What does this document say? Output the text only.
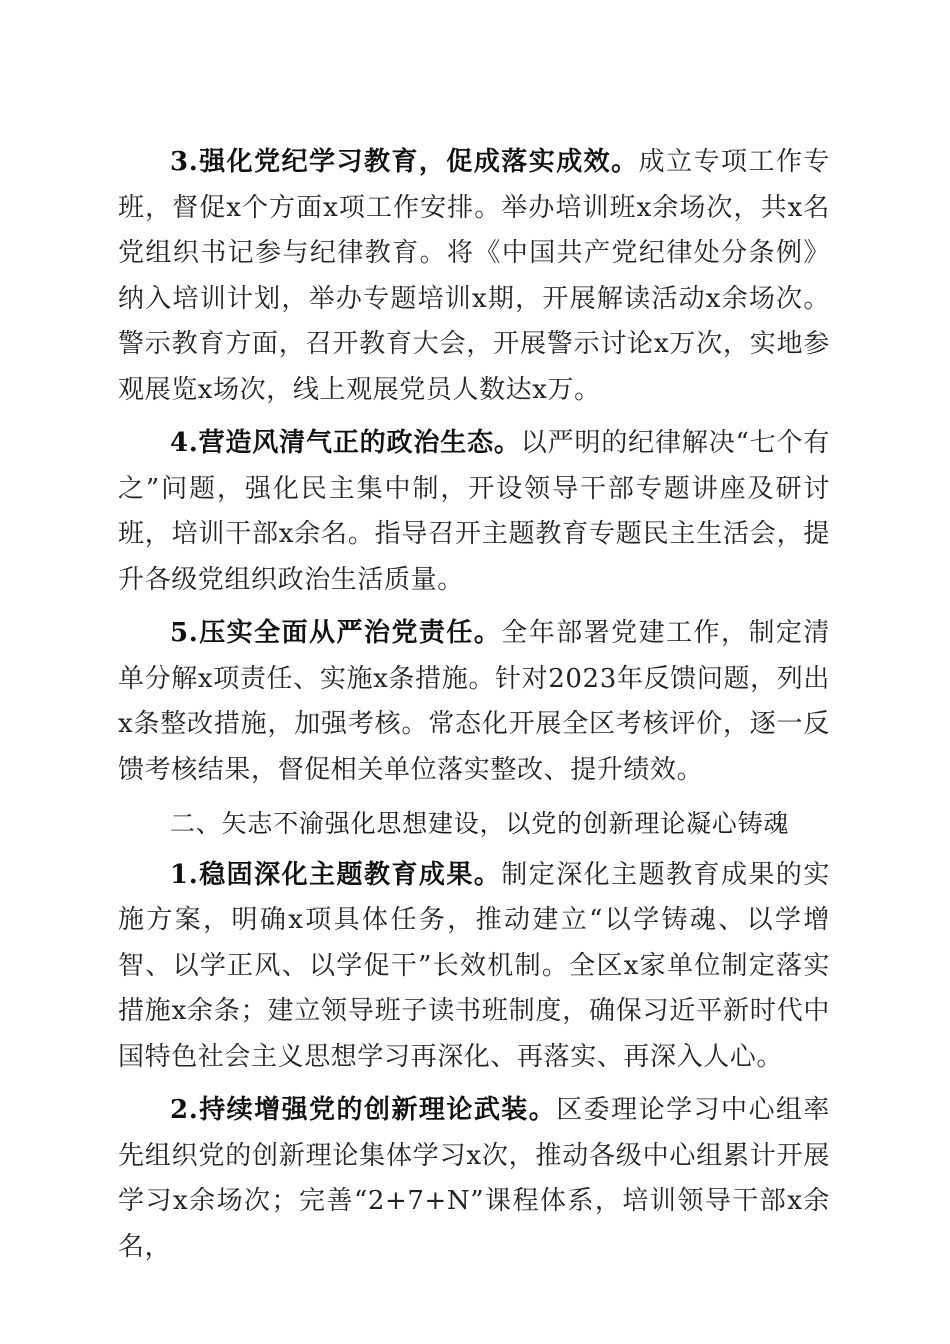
3.强化党纪学习教育，促成落实成效。成立专项工作专班，督促x个方面x项工作安排。举办培训班x余场次，共x名党组织书记参与纪律教育。将《中国共产党纪律处分条例》纳入培训计划，举办专题培训x期，开展解读活动x余场次。警示教育方面，召开教育大会，开展警示讨论x万次，实地参观展览x场次，线上观展党员人数达x万。

4.营造风清气正的政治生态。以严明的纪律解决“七个有之”问题，强化民主集中制，开设领导干部专题讲座及研讨班，培训干部x余名。指导召开主题教育专题民主生活会，提升各级党组织政治生活质量。

5.压实全面从严治党责任。全年部署党建工作，制定清单分解x项责任、实施x条措施。针对2023年反馈问题，列出x条整改措施，加强考核。常态化开展全区考核评价，逐一反馈考核结果，督促相关单位落实整改、提升绩效。

二、矢志不渝强化思想建设，以党的创新理论凝心铸魂

1.稳固深化主题教育成果。制定深化主题教育成果的实施方案，明确x项具体任务，推动建立“以学铸魂、以学增智、以学正风、以学促干”长效机制。全区x家单位制定落实措施x余条；建立领导班子读书班制度，确保习近平新时代中国特色社会主义思想学习再深化、再落实、再深入人心。

2.持续增强党的创新理论武装。区委理论学习中心组率先组织党的创新理论集体学习x次，推动各级中心组累计开展学习x余场次；完善“2+7+N”课程体系，培训领导干部x余名，
